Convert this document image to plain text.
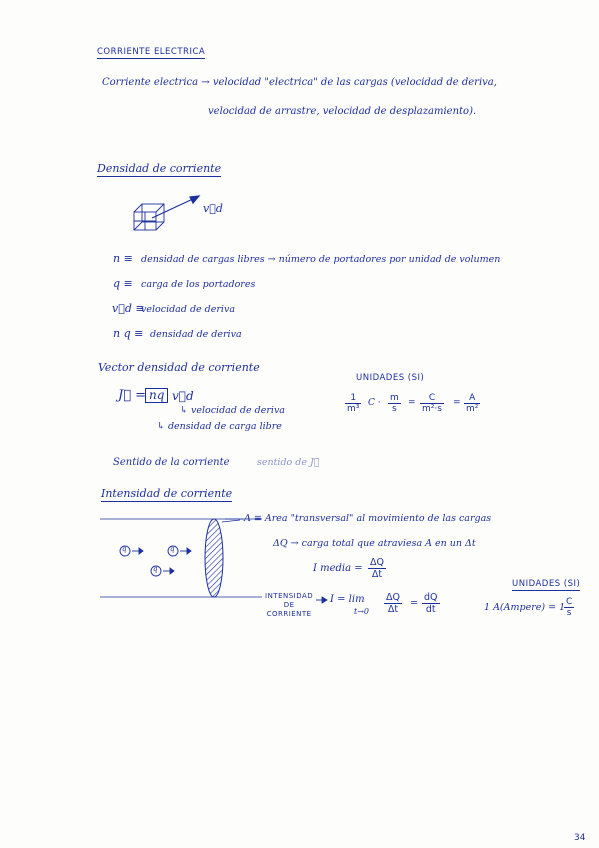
CORRIENTE ELECTRICA
Corriente electrica → velocidad "electrica" de las cargas (velocidad de deriva,
velocidad de arrastre, velocidad de desplazamiento).
Densidad de corriente
v⃗d
n ≡ densidad de cargas libres → número de portadores por unidad de volumen
q ≡ carga de los portadores
v⃗d ≡
velocidad de deriva
n q ≡ densidad de deriva
Vector densidad de corriente
J⃗ = nq v⃗d
↳ velocidad de deriva
↳ densidad de carga libre
UNIDADES (SI)
$\frac{1}{\text{m³}}$ $C \cdot \frac{m}{s} = \frac{C}{\text{m²·s}} = \frac{A}{\text{m²}}$
Sentido de la corriente	sentido de J⃗
Intensidad de corriente
A ≡ Area "transversal" al movimiento de las cargas
ΔQ → carga total que atraviesa A en un Δt
q	q
q	I media = $\frac{\Delta Q}{\Delta t}$
INTENSIDAD
DE
CORRIENTE
I = lim
$t\to 0 \frac{\Delta Q}{\Delta t} = \frac{dQ}{dt}$
UNIDADES (SI)
1 A(Ampere) = 1
$\frac{C}{s}$
34
